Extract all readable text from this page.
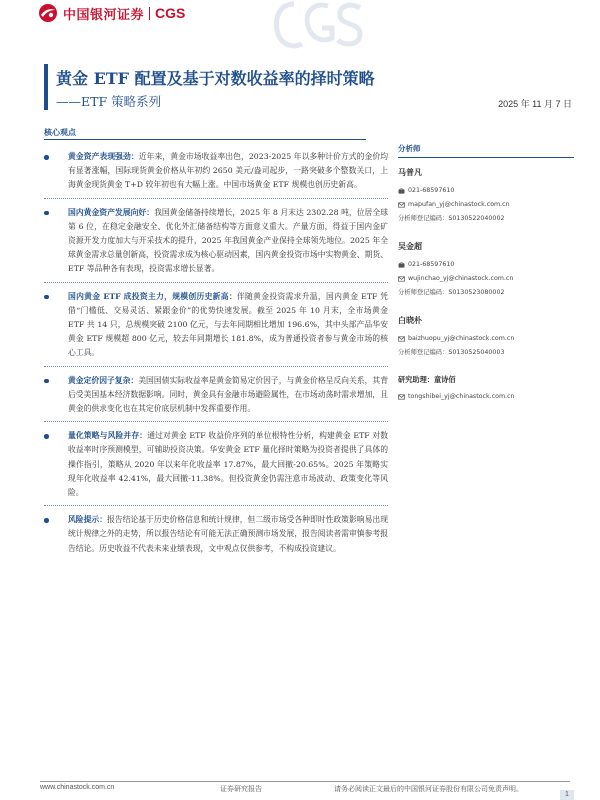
中国银河证券 CGS
黄金 ETF 配置及基于对数收益率的择时策略
——ETF 策略系列	2025 年 11 月 7 日
核心观点
黄金资产表现强劲：近年来，黄金市场收益率出色，2023-2025 年以多种计价方式的金价均有显著涨幅，国际现货黄金价格从年初约 2650 美元/盎司起步，一路突破多个整数关口，上海黄金现货黄金 T+D 较年初也有大幅上涨。中国市场黄金 ETF 规模也创历史新高。
国内黄金资产发展向好：我国黄金储备持续增长，2025 年 8 月末达 2302.28 吨，位居全球第 6 位，在稳定金融安全、优化外汇储备结构等方面意义重大。产量方面，得益于国内金矿资源开发力度加大与开采技术的提升，2025 年我国黄金产业保持全球领先地位。2025 年全球黄金需求总量创新高，投资需求成为核心驱动因素，国内黄金投资市场中实物黄金、期货、ETF 等品种各有表现，投资需求增长显著。
国内黄金 ETF 成投资主力，规模创历史新高：伴随黄金投资需求升温，国内黄金 ETF 凭借“门槛低、交易灵活、紧跟金价”的优势快速发展。截至 2025 年 10 月末，全市场黄金 ETF 共 14 只，总规模突破 2100 亿元，与去年同期相比增加 196.6%，其中头部产品华安黄金 ETF 规模超 800 亿元，较去年同期增长 181.8%，成为普通投资者参与黄金市场的核心工具。
黄金定价因子复杂：美国国债实际收益率是黄金简易定价因子，与黄金价格呈反向关系，其背后受美国基本经济数据影响。同时，黄金具有金融市场避险属性，在市场动荡时需求增加，且黄金的供求变化也在其定价底层机制中发挥重要作用。
量化策略与风险并存：通过对黄金 ETF 收益价序列的单位根特性分析，构建黄金 ETF 对数收益率时序预测模型，可辅助投资决策。华安黄金 ETF 量化择时策略为投资者提供了具体的操作指引，策略从 2020 年以来年化收益率 17.87%，最大回撤-20.65%。2025 年策略实现年化收益率 42.41%，最大回撤-11.38%。但投资黄金仍需注意市场波动、政策变化等风险。
风险提示：报告结论基于历史价格信息和统计规律，但二级市场受各种即时性政策影响易出现统计规律之外的走势，所以报告结论有可能无法正确预测市场发展，报告阅读者需审慎参考报告结论。历史收益不代表未来业绩表现，文中观点仅供参考，不构成投资建议。
分析师
马普凡
021-68597610
mapufan_yj@chinastock.com.cn
分析师登记编码：S0130522040002
吴金超
021-68597610
wujinchao_yj@chinastock.com.cn
分析师登记编码：S0130523080002
白晓朴
baizhuopu_yj@chinastock.com.cn
分析师登记编码：S0130525040003
研究助理：童诗佰
tongshibei_yj@chinastock.com.cn
www.chinastock.com.cn	证券研究报告	请务必阅读正文最后的中国银河证券股份有限公司免责声明。
1
